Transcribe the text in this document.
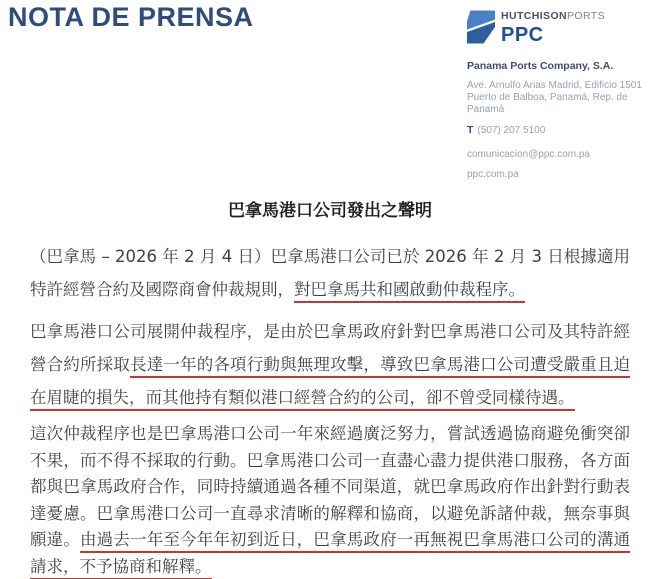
NOTA DE PRENSA	HUTCHISONPORTS
PPC

Panama Ports Company, S.A.

Ave. Arnulfo Arias Madrid, Edificio 1501

Puerto de Balboa, Panamá, Rep. de Panamá

T (507) 207 5100
comunicacion@ppc.com.pa
ppc.com.pa
巴拿馬港口公司發出之聲明

（巴拿馬 – 2026 年 2 月 4 日）巴拿馬港口公司已於 2026 年 2 月 3 日根據適用特許經營合約及國際商會仲裁規則，對巴拿馬共和國啟動仲裁程序。

巴拿馬港口公司展開仲裁程序，是由於巴拿馬政府針對巴拿馬港口公司及其特許經營合約所採取長達一年的各項行動與無理攻擊，導致巴拿馬港口公司遭受嚴重且迫在眉睫的損失，而其他持有類似港口經營合約的公司，卻不曾受同樣待遇。

這次仲裁程序也是巴拿馬港口公司一年來經過廣泛努力，嘗試透過協商避免衝突卻不果，而不得不採取的行動。巴拿馬港口公司一直盡心盡力提供港口服務，各方面都與巴拿馬政府合作，同時持續通過各種不同渠道，就巴拿馬政府作出針對行動表達憂慮。巴拿馬港口公司一直尋求清晰的解釋和協商，以避免訴諸仲裁，無奈事與願違。由過去一年至今年年初到近日，巴拿馬政府一再無視巴拿馬港口公司的溝通請求，不予協商和解釋。
